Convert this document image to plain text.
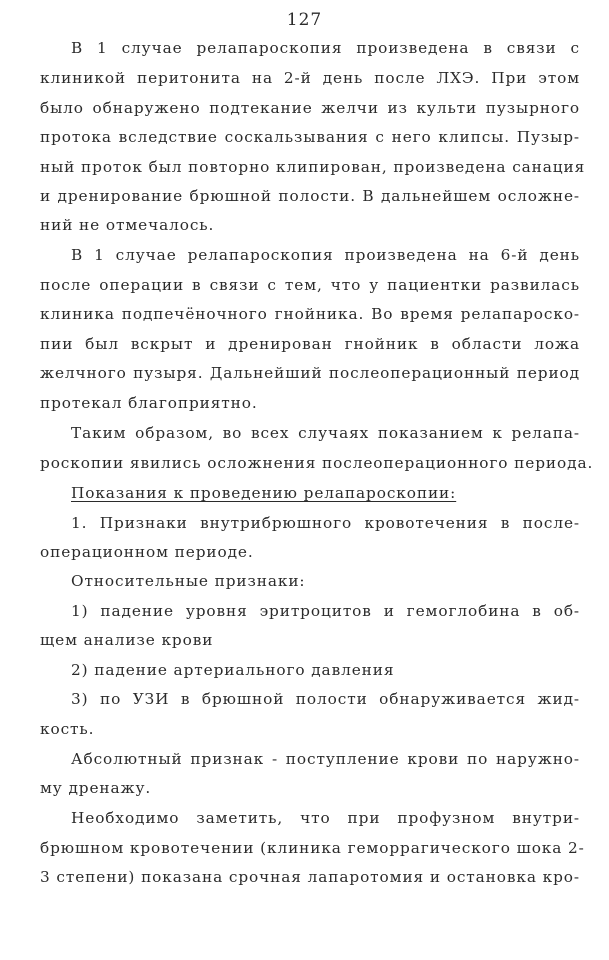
127
В 1 случае релапароскопия произведена в связи с
клиникой перитонита на 2-й день после ЛХЭ. При этом
было обнаружено подтекание желчи из культи пузырного
протока вследствие соскальзывания с него клипсы. Пузыр-
ный проток был повторно клипирован, произведена санация
и дренирование брюшной полости. В дальнейшем осложне-
ний не отмечалось.
В 1 случае релапароскопия произведена на 6-й день
после операции в связи с тем, что у пациентки развилась
клиника подпечёночного гнойника. Во время релапароско-
пии был вскрыт и дренирован гнойник в области ложа
желчного пузыря. Дальнейший послеоперационный период
протекал благоприятно.
Таким образом, во всех случаях показанием к релапа-
роскопии явились осложнения послеоперационного периода.
Показания к проведению релапароскопии:
1. Признаки внутрибрюшного кровотечения в после-
операционном периоде.
Относительные признаки:
1) падение уровня эритроцитов и гемоглобина в об-
щем анализе крови
2) падение артериального давления
3) по УЗИ в брюшной полости обнаруживается жид-
кость.
Абсолютный признак - поступление крови по наружно-
му дренажу.
Необходимо заметить, что при профузном внутри-
брюшном кровотечении (клиника геморрагического шока 2-
3 степени) показана срочная лапаротомия и остановка кро-
